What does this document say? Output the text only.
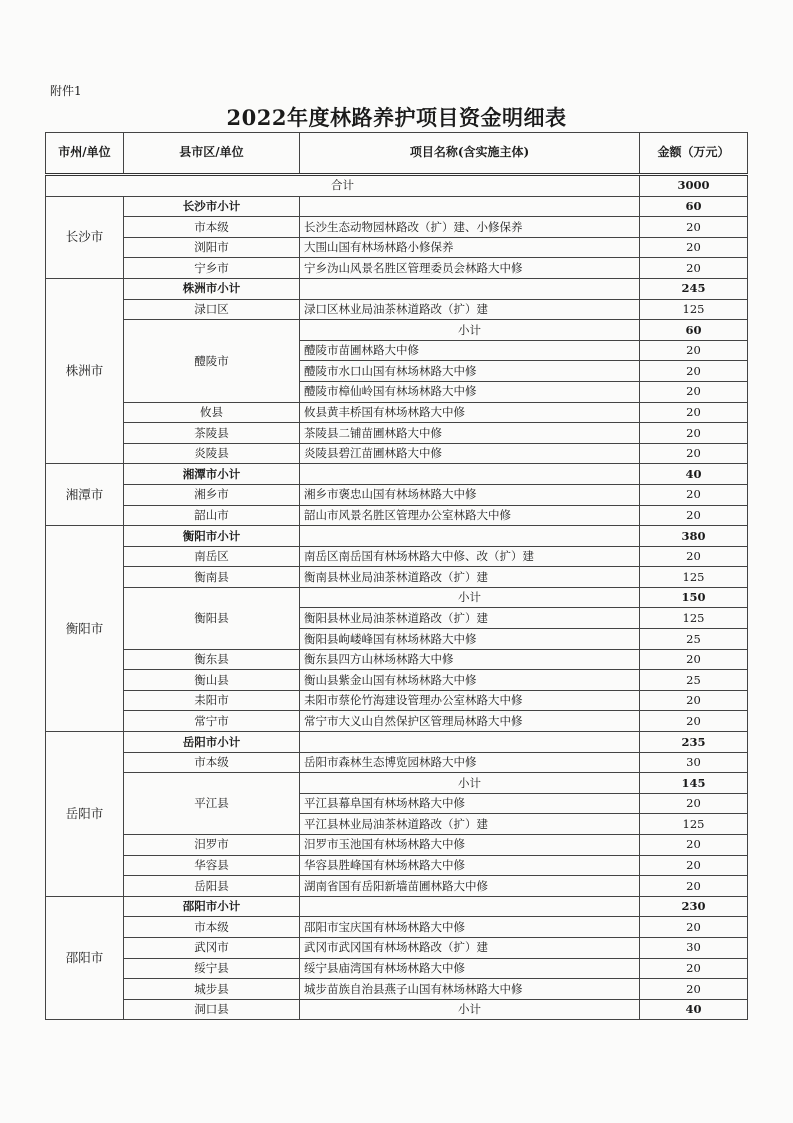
附件1
2022年度林路养护项目资金明细表
市州/单位	县市区/单位	项目名称(含实施主体)	金额（万元）
合计			3000
长沙市	长沙市小计		60
	市本级	长沙生态动物园林路改（扩）建、小修保养	20
	浏阳市	大围山国有林场林路小修保养	20
	宁乡市	宁乡沩山风景名胜区管理委员会林路大中修	20
株洲市	株洲市小计		245
	渌口区	渌口区林业局油茶林道路改（扩）建	125
	醴陵市	小计	60
		醴陵市苗圃林路大中修	20
		醴陵市水口山国有林场林路大中修	20
		醴陵市樟仙岭国有林场林路大中修	20
	攸县	攸县黄丰桥国有林场林路大中修	20
	茶陵县	茶陵县二铺苗圃林路大中修	20
	炎陵县	炎陵县碧江苗圃林路大中修	20
湘潭市	湘潭市小计		40
	湘乡市	湘乡市褒忠山国有林场林路大中修	20
	韶山市	韶山市风景名胜区管理办公室林路大中修	20
衡阳市	衡阳市小计		380
	南岳区	南岳区南岳国有林场林路大中修、改（扩）建	20
	衡南县	衡南县林业局油茶林道路改（扩）建	125
	衡阳县	小计	150
		衡阳县林业局油茶林道路改（扩）建	125
		衡阳县岣嵝峰国有林场林路大中修	25
	衡东县	衡东县四方山林场林路大中修	20
	衡山县	衡山县紫金山国有林场林路大中修	25
	耒阳市	耒阳市蔡伦竹海建设管理办公室林路大中修	20
	常宁市	常宁市大义山自然保护区管理局林路大中修	20
岳阳市	岳阳市小计		235
	市本级	岳阳市森林生态博览园林路大中修	30
	平江县	小计	145
		平江县幕阜国有林场林路大中修	20
		平江县林业局油茶林道路改（扩）建	125
	汨罗市	汨罗市玉池国有林场林路大中修	20
	华容县	华容县胜峰国有林场林路大中修	20
	岳阳县	湖南省国有岳阳新墙苗圃林路大中修	20
邵阳市	邵阳市小计		230
	市本级	邵阳市宝庆国有林场林路大中修	20
	武冈市	武冈市武冈国有林场林路改（扩）建	30
	绥宁县	绥宁县庙湾国有林场林路大中修	20
	城步县	城步苗族自治县燕子山国有林场林路大中修	20
	洞口县	小计	40
